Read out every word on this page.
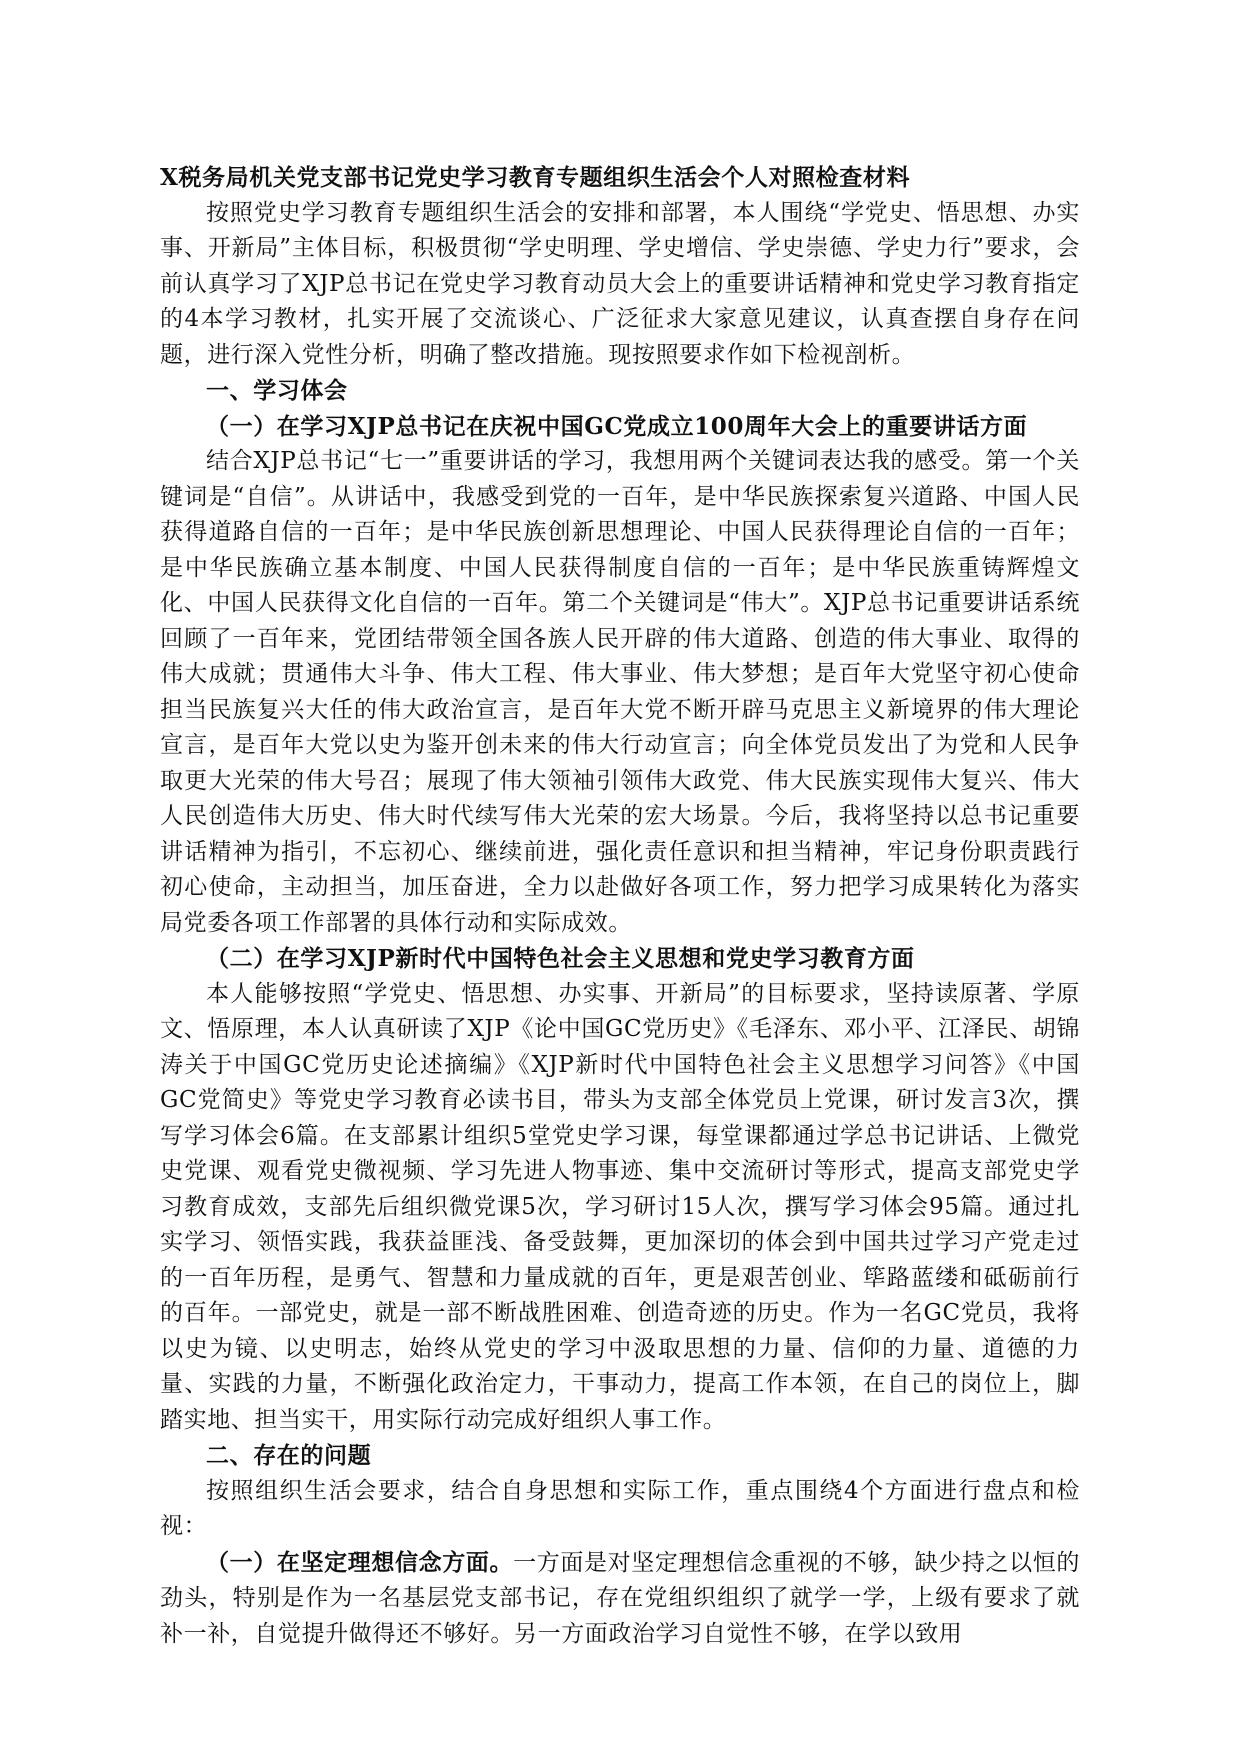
X税务局机关党支部书记党史学习教育专题组织生活会个人对照检查材料

按照党史学习教育专题组织生活会的安排和部署，本人围绕“学党史、悟思想、办实事、开新局”主体目标，积极贯彻“学史明理、学史增信、学史崇德、学史力行”要求，会前认真学习了XJP总书记在党史学习教育动员大会上的重要讲话精神和党史学习教育指定的4本学习教材，扎实开展了交流谈心、广泛征求大家意见建议，认真查摆自身存在问题，进行深入党性分析，明确了整改措施。现按照要求作如下检视剖析。

一、学习体会
（一）在学习XJP总书记在庆祝中国GC党成立100周年大会上的重要讲话方面

结合XJP总书记“七一”重要讲话的学习，我想用两个关键词表达我的感受。第一个关键词是“自信”。从讲话中，我感受到党的一百年，是中华民族探索复兴道路、中国人民获得道路自信的一百年；是中华民族创新思想理论、中国人民获得理论自信的一百年；是中华民族确立基本制度、中国人民获得制度自信的一百年；是中华民族重铸辉煌文化、中国人民获得文化自信的一百年。第二个关键词是“伟大”。XJP总书记重要讲话系统回顾了一百年来，党团结带领全国各族人民开辟的伟大道路、创造的伟大事业、取得的伟大成就；贯通伟大斗争、伟大工程、伟大事业、伟大梦想；是百年大党坚守初心使命担当民族复兴大任的伟大政治宣言，是百年大党不断开辟马克思主义新境界的伟大理论宣言，是百年大党以史为鉴开创未来的伟大行动宣言；向全体党员发出了为党和人民争取更大光荣的伟大号召；展现了伟大领袖引领伟大政党、伟大民族实现伟大复兴、伟大人民创造伟大历史、伟大时代续写伟大光荣的宏大场景。今后，我将坚持以总书记重要讲话精神为指引，不忘初心、继续前进，强化责任意识和担当精神，牢记身份职责践行初心使命，主动担当，加压奋进，全力以赴做好各项工作，努力把学习成果转化为落实局党委各项工作部署的具体行动和实际成效。

（二）在学习XJP新时代中国特色社会主义思想和党史学习教育方面

本人能够按照“学党史、悟思想、办实事、开新局”的目标要求，坚持读原著、学原文、悟原理，本人认真研读了XJP《论中国GC党历史》《毛泽东、邓小平、江泽民、胡锦涛关于中国GC党历史论述摘编》《XJP新时代中国特色社会主义思想学习问答》《中国GC党简史》等党史学习教育必读书目，带头为支部全体党员上党课，研讨发言3次，撰写学习体会6篇。在支部累计组织5堂党史学习课，每堂课都通过学总书记讲话、上微党史党课、观看党史微视频、学习先进人物事迹、集中交流研讨等形式，提高支部党史学习教育成效，支部先后组织微党课5次，学习研讨15人次，撰写学习体会95篇。通过扎实学习、领悟实践，我获益匪浅、备受鼓舞，更加深切的体会到中国共过学习产党走过的一百年历程，是勇气、智慧和力量成就的百年，更是艰苦创业、筚路蓝缕和砥砺前行的百年。一部党史，就是一部不断战胜困难、创造奇迹的历史。作为一名GC党员，我将以史为镜、以史明志，始终从党史的学习中汲取思想的力量、信仰的力量、道德的力量、实践的力量，不断强化政治定力，干事动力，提高工作本领，在自己的岗位上，脚踏实地、担当实干，用实际行动完成好组织人事工作。

二、存在的问题

按照组织生活会要求，结合自身思想和实际工作，重点围绕4个方面进行盘点和检视：

（一）在坚定理想信念方面。一方面是对坚定理想信念重视的不够，缺少持之以恒的劲头，特别是作为一名基层党支部书记，存在党组织组织了就学一学，上级有要求了就补一补，自觉提升做得还不够好。另一方面政治学习自觉性不够，在学以致用
